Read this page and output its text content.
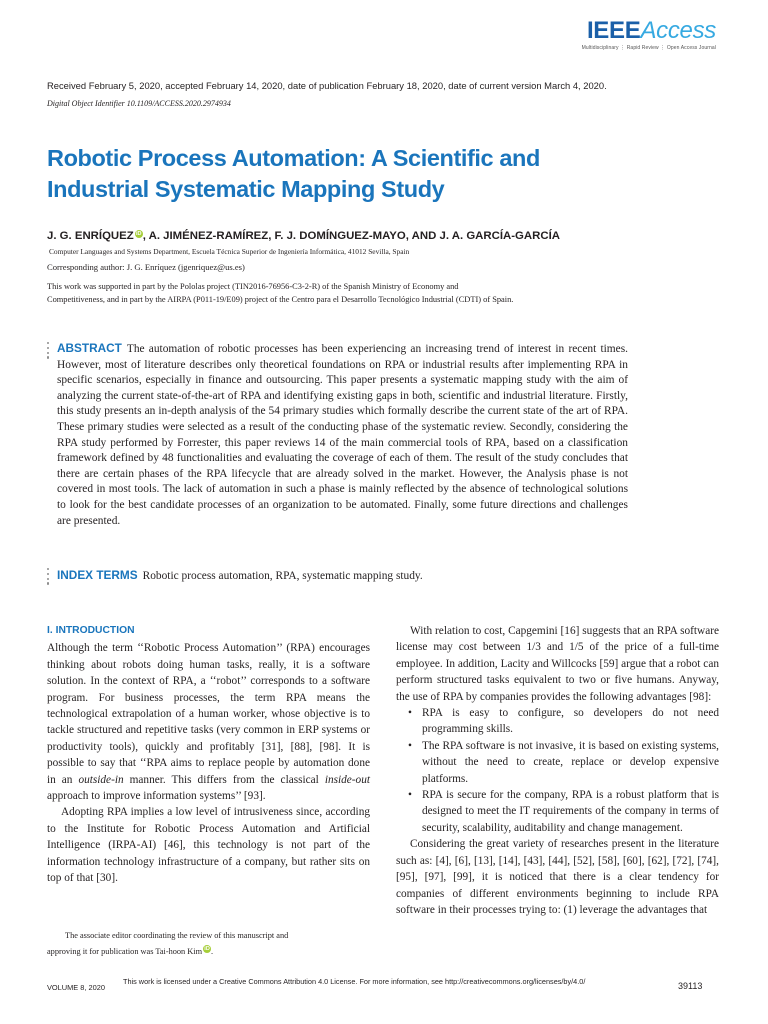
IEEEAccess
Multidisciplinary ⋮ Rapid Review ⋮ Open Access Journal
Received February 5, 2020, accepted February 14, 2020, date of publication February 18, 2020, date of current version March 4, 2020.
Digital Object Identifier 10.1109/ACCESS.2020.2974934
Robotic Process Automation: A Scientific and
Industrial Systematic Mapping Study
J. G. ENRÍQUEZ iD, A. JIMÉNEZ-RAMÍREZ, F. J. DOMÍNGUEZ-MAYO, AND J. A. GARCÍA-GARCÍA
Computer Languages and Systems Department, Escuela Técnica Superior de Ingeniería Informática, 41012 Sevilla, Spain
Corresponding author: J. G. Enríquez (jgenriquez@us.es)
This work was supported in part by the Pololas project (TIN2016-76956-C3-2-R) of the Spanish Ministry of Economy and
Competitiveness, and in part by the AIRPA (P011-19/E09) project of the Centro para el Desarrollo Tecnológico Industrial (CDTI) of Spain.
ABSTRACT The automation of robotic processes has been experiencing an increasing trend of interest in recent times. However, most of literature describes only theoretical foundations on RPA or industrial results after implementing RPA in specific scenarios, especially in finance and outsourcing. This paper presents a systematic mapping study with the aim of analyzing the current state-of-the-art of RPA and identifying existing gaps in both, scientific and industrial literature. Firstly, this study presents an in-depth analysis of the 54 primary studies which formally describe the current state of the art of RPA. These primary studies were selected as a result of the conducting phase of the systematic review. Secondly, considering the RPA study performed by Forrester, this paper reviews 14 of the main commercial tools of RPA, based on a classification framework defined by 48 functionalities and evaluating the coverage of each of them. The result of the study concludes that there are certain phases of the RPA lifecycle that are already solved in the market. However, the Analysis phase is not covered in most tools. The lack of automation in such a phase is mainly reflected by the absence of technological solutions to look for the best candidate processes of an organization to be automated. Finally, some future directions and challenges are presented.
INDEX TERMS Robotic process automation, RPA, systematic mapping study.
I. INTRODUCTION

Although the term ‘‘Robotic Process Automation’’ (RPA) encourages thinking about robots doing human tasks, really, it is a software solution. In the context of RPA, a ‘‘robot’’ corresponds to a software program. For business processes, the term RPA means the technological extrapolation of a human worker, whose objective is to tackle structured and repetitive tasks (very common in ERP systems or productivity tools), quickly and profitably [31], [88], [98]. It is possible to say that ‘‘RPA aims to replace people by automation done in an outside-in manner. This differs from the classical inside-out approach to improve information systems’’ [93].

Adopting RPA implies a low level of intrusiveness since, according to the Institute for Robotic Process Automation and Artificial Intelligence (IRPA-AI) [46], this technology is not part of the information technology infrastructure of a company, but rather sits on top of that [30].

The associate editor coordinating the review of this manuscript and
approving it for publication was Tai-hoon Kim iD.

With relation to cost, Capgemini [16] suggests that an RPA software license may cost between 1/3 and 1/5 of the price of a full-time employee. In addition, Lacity and Willcocks [59] argue that a robot can perform structured tasks equivalent to two or five humans. Anyway, the use of RPA by companies provides the following advantages [98]:

• RPA is easy to configure, so developers do not need programming skills.
• The RPA software is not invasive, it is based on existing systems, without the need to create, replace or develop expensive platforms.
• RPA is secure for the company, RPA is a robust platform that is designed to meet the IT requirements of the company in terms of security, scalability, auditability and change management.

Considering the great variety of researches present in the literature such as: [4], [6], [13], [14], [43], [44], [52], [58], [60], [62], [72], [74], [95], [97], [99], it is noticed that there is a clear tendency for companies of different environments beginning to include RPA software in their processes trying to: (1) leverage the advantages that

VOLUME 8, 2020
This work is licensed under a Creative Commons Attribution 4.0 License. For more information, see http://creativecommons.org/licenses/by/4.0/	39113
